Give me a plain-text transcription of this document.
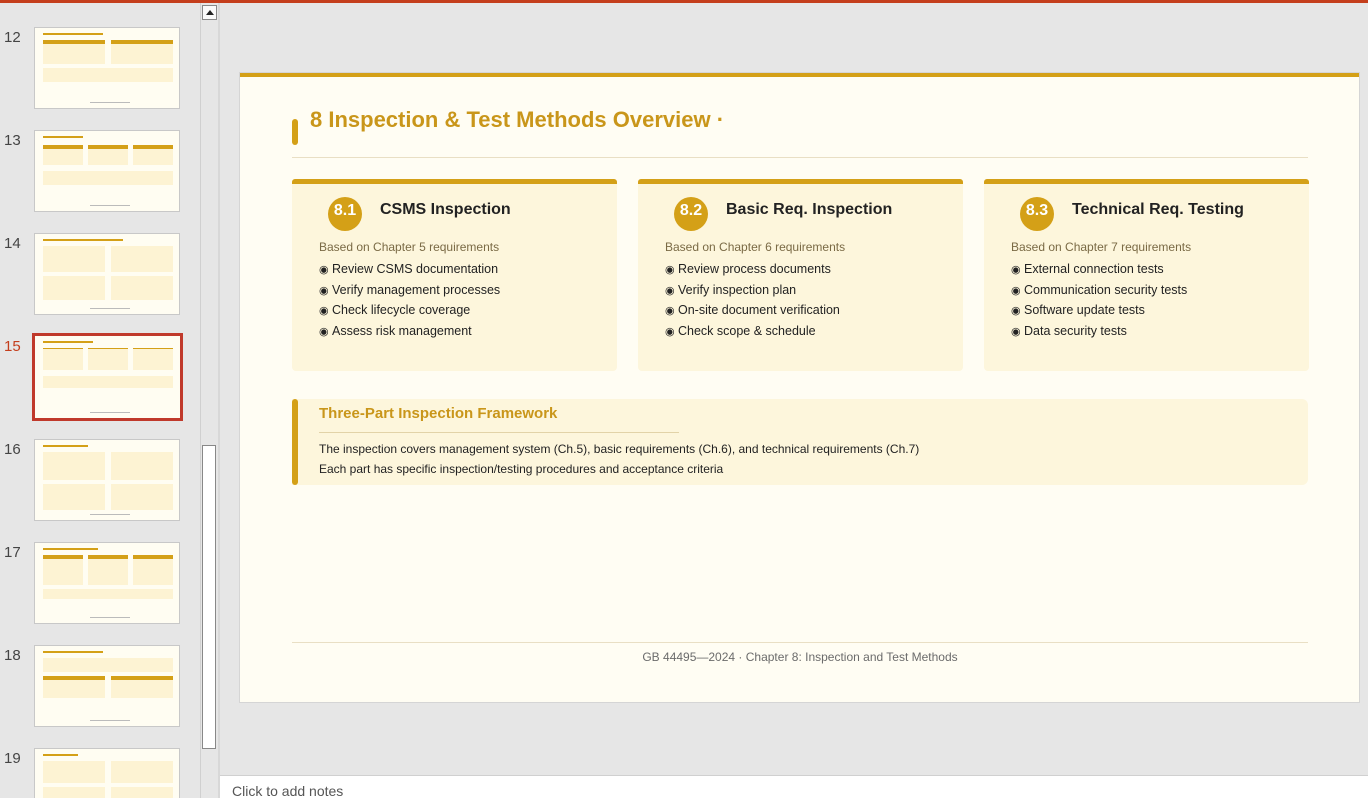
12
13
14
15
16
17
18
19
8 Inspection & Test Methods Overview ·
8.1	CSMS Inspection
Based on Chapter 5 requirements
◉ Review CSMS documentation
◉ Verify management processes
◉ Check lifecycle coverage
◉ Assess risk management
8.2	Basic Req. Inspection
Based on Chapter 6 requirements
◉ Review process documents
◉ Verify inspection plan
◉ On-site document verification
◉ Check scope & schedule
8.3	Technical Req. Testing
Based on Chapter 7 requirements
◉ External connection tests
◉ Communication security tests
◉ Software update tests
◉ Data security tests
Three-Part Inspection Framework
The inspection covers management system (Ch.5), basic requirements (Ch.6), and technical requirements (Ch.7)
Each part has specific inspection/testing procedures and acceptance criteria
GB 44495—2024 · Chapter 8: Inspection and Test Methods
Click to add notes
